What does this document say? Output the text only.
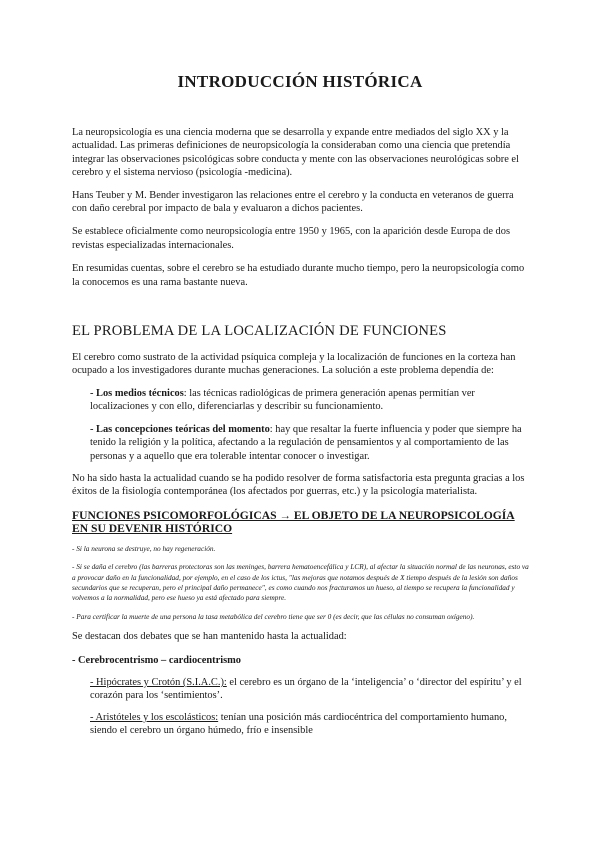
INTRODUCCIÓN HISTÓRICA

La neuropsicología es una ciencia moderna que se desarrolla y expande entre mediados del siglo XX y la actualidad. Las primeras definiciones de neuropsicología la consideraban como una ciencia que pretendía integrar las observaciones psicológicas sobre conducta y mente con las observaciones neurológicas sobre el cerebro y el sistema nervioso (psicología -medicina).

Hans Teuber y M. Bender investigaron las relaciones entre el cerebro y la conducta en veteranos de guerra con daño cerebral por impacto de bala y evaluaron a dichos pacientes.

Se establece oficialmente como neuropsicología entre 1950 y 1965, con la aparición desde Europa de dos revistas especializadas internacionales.

En resumidas cuentas, sobre el cerebro se ha estudiado durante mucho tiempo, pero la neuropsicología como la conocemos es una rama bastante nueva.

EL PROBLEMA DE LA LOCALIZACIÓN DE FUNCIONES

El cerebro como sustrato de la actividad psíquica compleja y la localización de funciones en la corteza han ocupado a los investigadores durante muchas generaciones. La solución a este problema dependía de:

- Los medios técnicos: las técnicas radiológicas de primera generación apenas permitían ver localizaciones y con ello, diferenciarlas y describir su funcionamiento.

- Las concepciones teóricas del momento: hay que resaltar la fuerte influencia y poder que siempre ha tenido la religión y la política, afectando a la regulación de pensamientos y al comportamiento de las personas y a aquello que era tolerable intentar conocer o investigar.

No ha sido hasta la actualidad cuando se ha podido resolver de forma satisfactoria esta pregunta gracias a los éxitos de la fisiología contemporánea (los afectados por guerras, etc.) y la psicología materialista.

FUNCIONES PSICOMORFOLÓGICAS → EL OBJETO DE LA NEUROPSICOLOGÍA EN SU DEVENIR HISTÓRICO

- Si la neurona se destruye, no hay regeneración.

- Si se daña el cerebro (las barreras protectoras son las meninges, barrera hematoencefálica y LCR), al afectar la situación normal de las neuronas, esto va a provocar daño en la funcionalidad, por ejemplo, en el caso de los ictus, "las mejoras que notamos después de X tiempo después de la lesión son daños secundarios que se recuperan, pero el principal daño permanece", es como cuando nos fracturamos un hueso, al tiempo se recupera la funcionalidad y volvemos a la normalidad, pero ese hueso ya está afectado para siempre.

- Para certificar la muerte de una persona la tasa metabólica del cerebro tiene que ser 0 (es decir, que las células no consuman oxígeno).

Se destacan dos debates que se han mantenido hasta la actualidad:

- Cerebrocentrismo – cardiocentrismo

- Hipócrates y Crotón (S.I.A.C.): el cerebro es un órgano de la ‘inteligencia’ o ‘director del espíritu’ y el corazón para los ‘sentimientos’.

- Aristóteles y los escolásticos: tenían una posición más cardiocéntrica del comportamiento humano, siendo el cerebro un órgano húmedo, frío e insensible
